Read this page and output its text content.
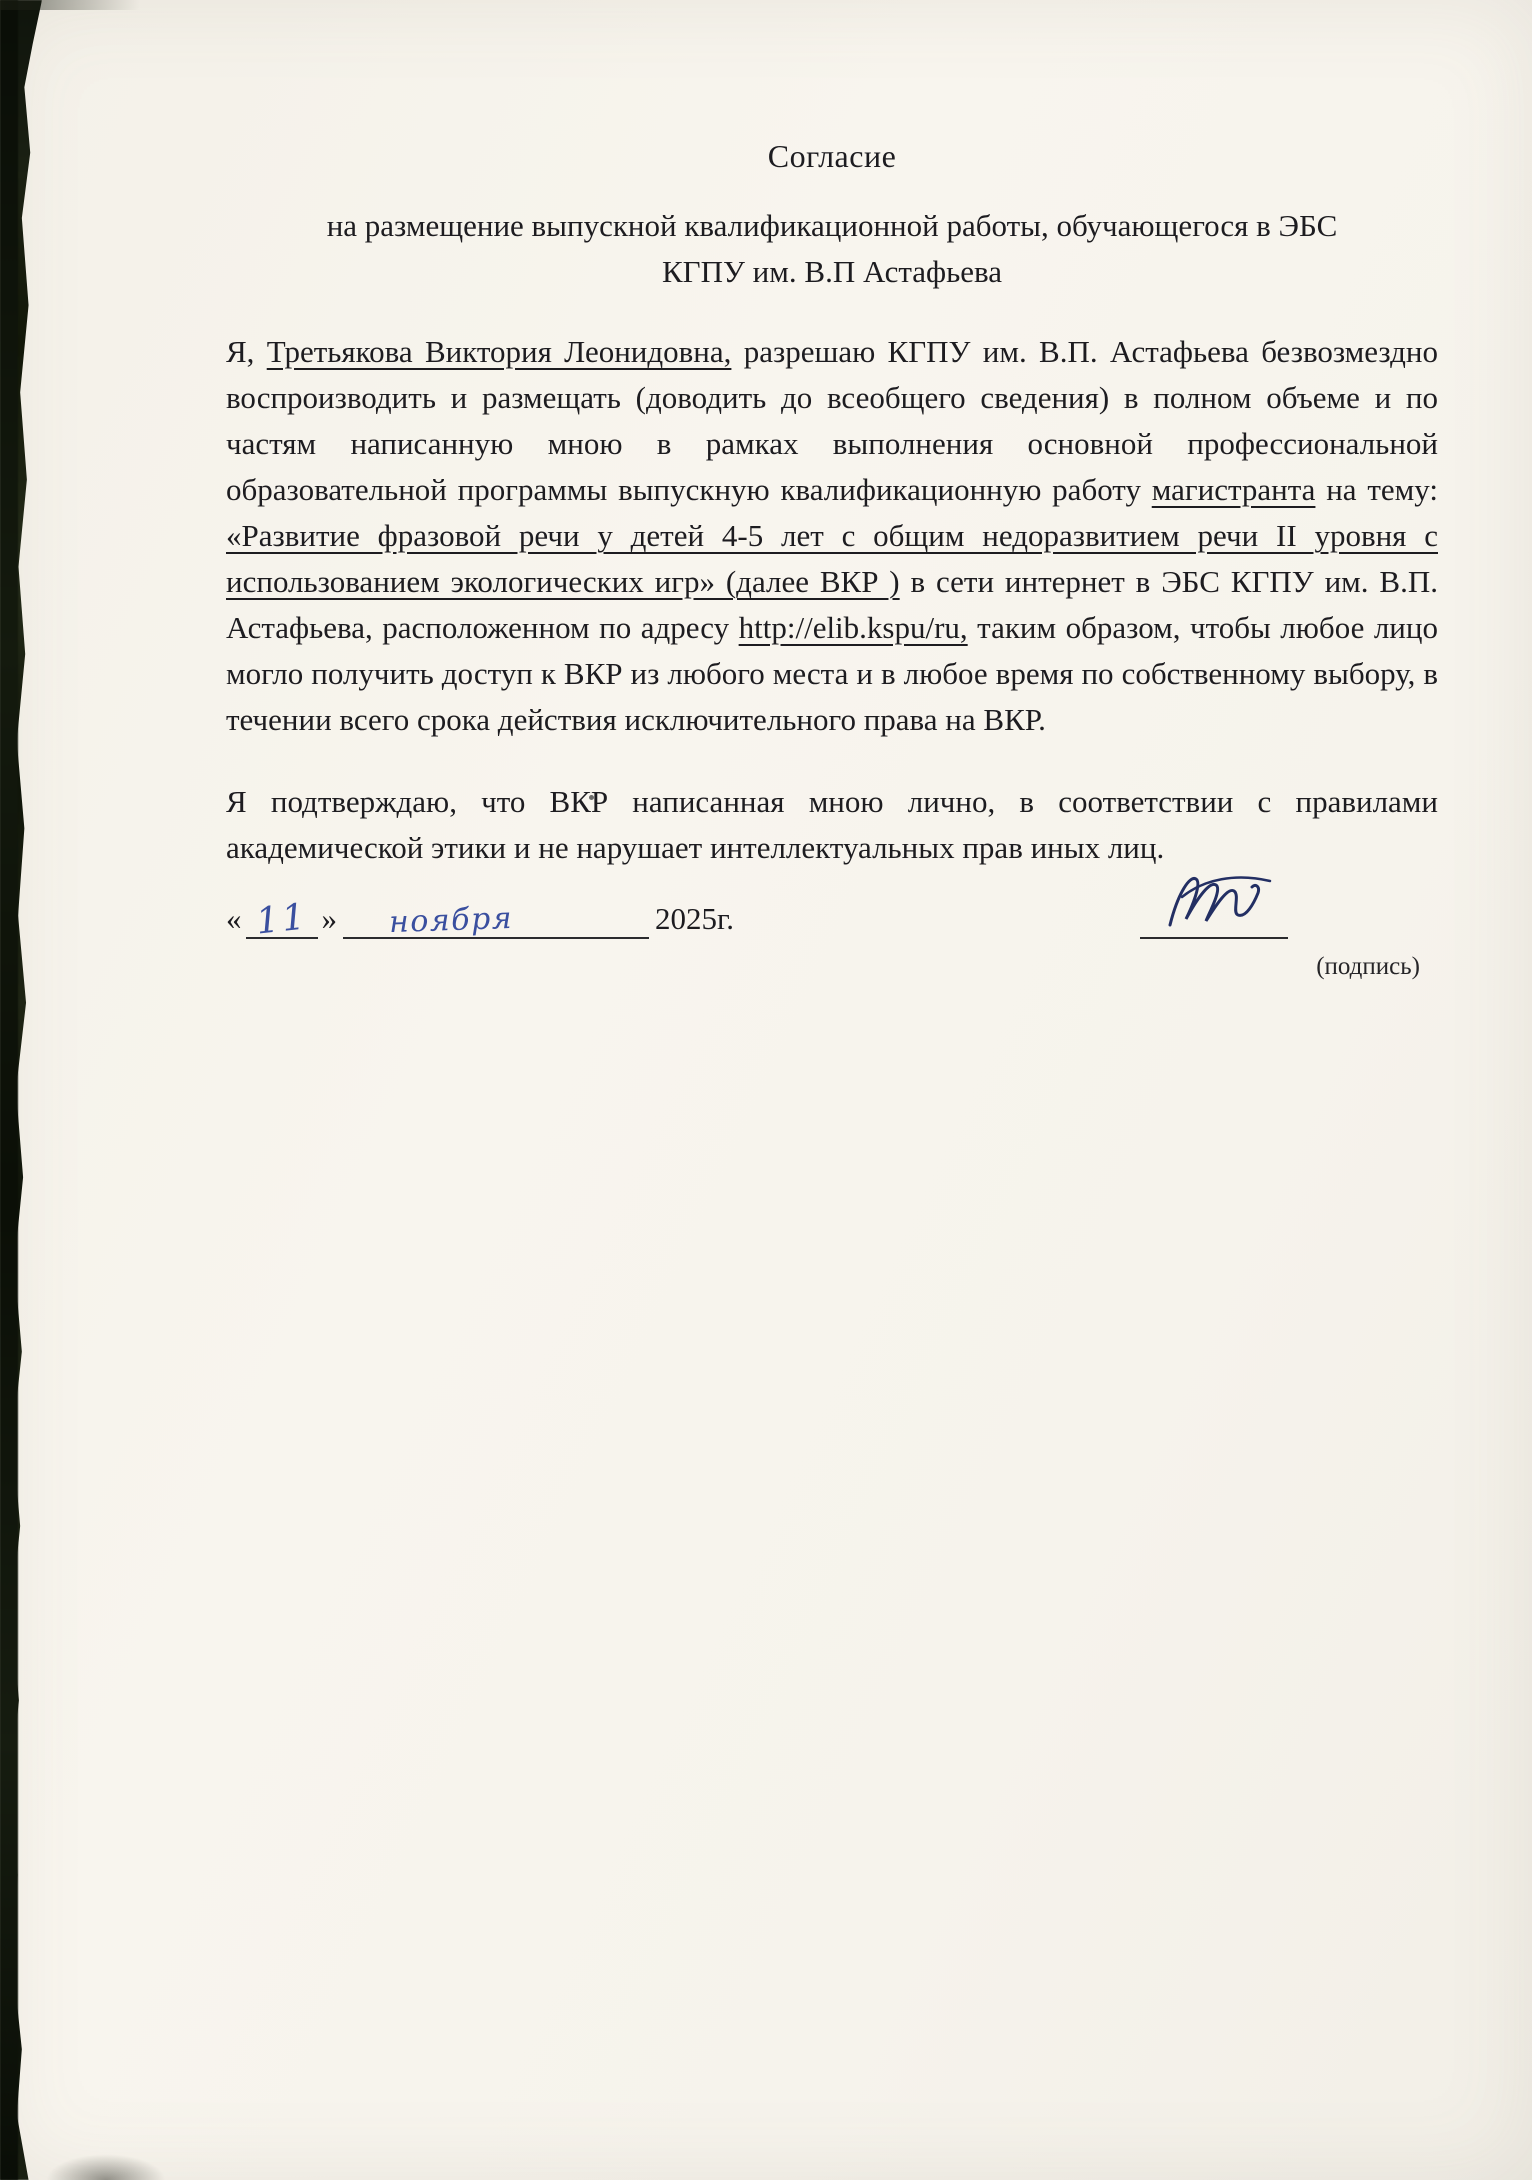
Согласие

на размещение выпускной квалификационной работы, обучающегося в ЭБС
КГПУ им. В.П Астафьева

Я, Третьякова Виктория Леонидовна, разрешаю КГПУ им. В.П. Астафьева безвозмездно воспроизводить и размещать (доводить до всеобщего сведения) в полном объеме и по частям написанную мною в рамках выполнения основной профессиональной образовательной программы выпускную квалификационную работу магистранта на тему: «Развитие фразовой речи у детей 4-5 лет с общим недоразвитием речи II уровня с использованием экологических игр» (далее ВКР ) в сети интернет в ЭБС КГПУ им. В.П. Астафьева, расположенном по адресу http://elib.kspu/ru, таким образом, чтобы любое лицо могло получить доступ к ВКР из любого места и в любое время по собственному выбору, в течении всего срока действия исключительного права на ВКР.

Я подтверждаю, что ВКР написанная мною лично, в соответствии с правилами академической этики и не нарушает интеллектуальных прав иных лиц.

« 11 » ноября	2025г.
(подпись)
